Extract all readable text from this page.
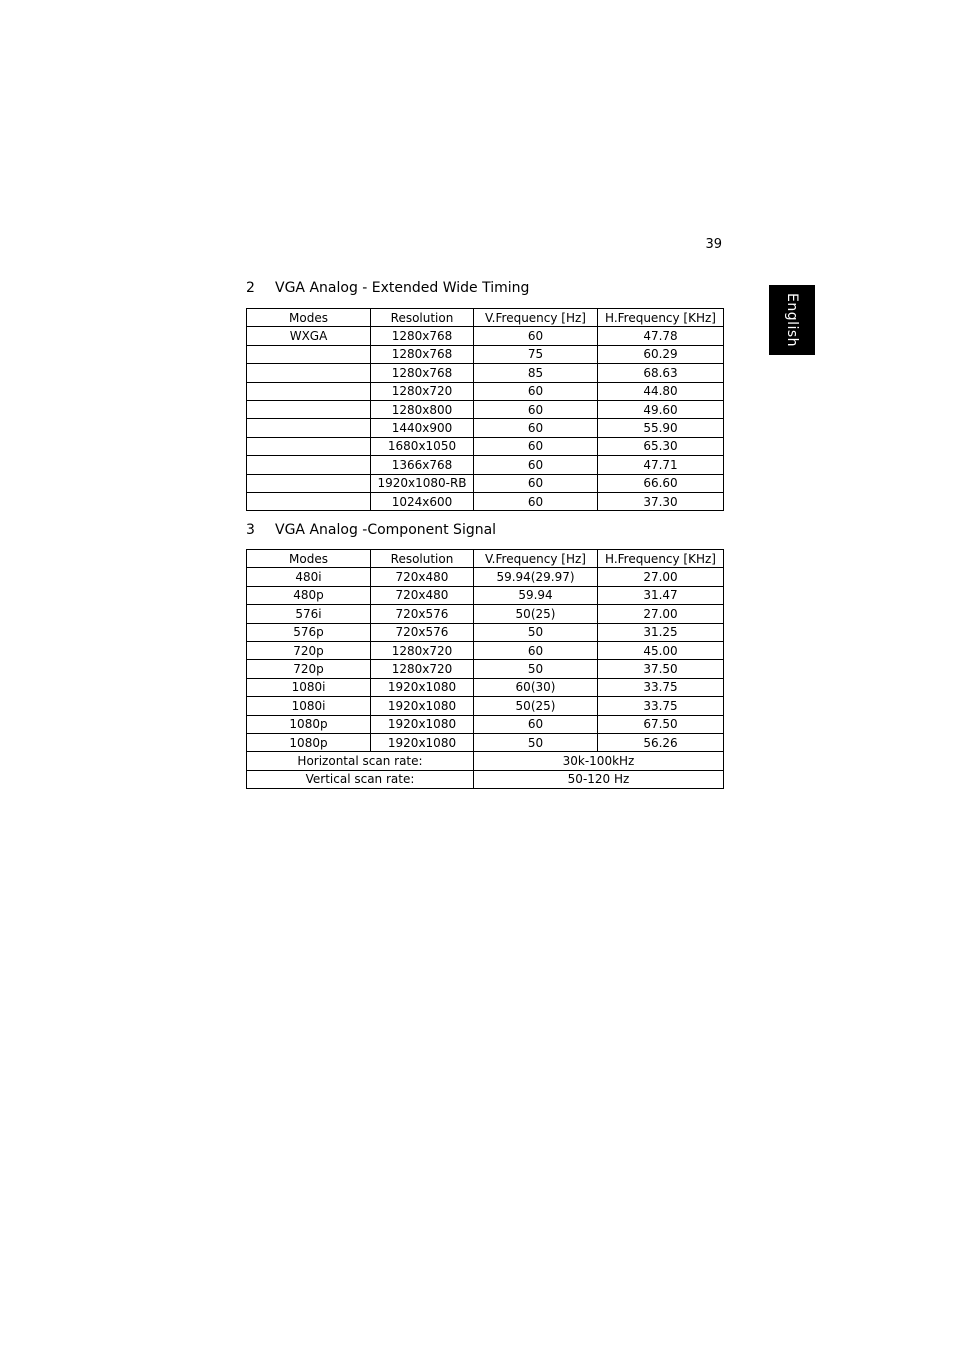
39
English
2 VGA Analog - Extended Wide Timing
Modes	Resolution	V.Frequency [Hz]	H.Frequency [KHz]
WXGA	1280x768	60	47.78
	1280x768	75	60.29
	1280x768	85	68.63
	1280x720	60	44.80
	1280x800	60	49.60
	1440x900	60	55.90
	1680x1050	60	65.30
	1366x768	60	47.71
	1920x1080-RB	60	66.60
	1024x600	60	37.30
3 VGA Analog -Component Signal
Modes	Resolution	V.Frequency [Hz]	H.Frequency [KHz]
480i	720x480	59.94(29.97)	27.00
480p	720x480	59.94	31.47
576i	720x576	50(25)	27.00
576p	720x576	50	31.25
720p	1280x720	60	45.00
720p	1280x720	50	37.50
1080i	1920x1080	60(30)	33.75
1080i	1920x1080	50(25)	33.75
1080p	1920x1080	60	67.50
1080p	1920x1080	50	56.26
Horizontal scan rate:		30k-100kHz	
Vertical scan rate:		50-120 Hz	
